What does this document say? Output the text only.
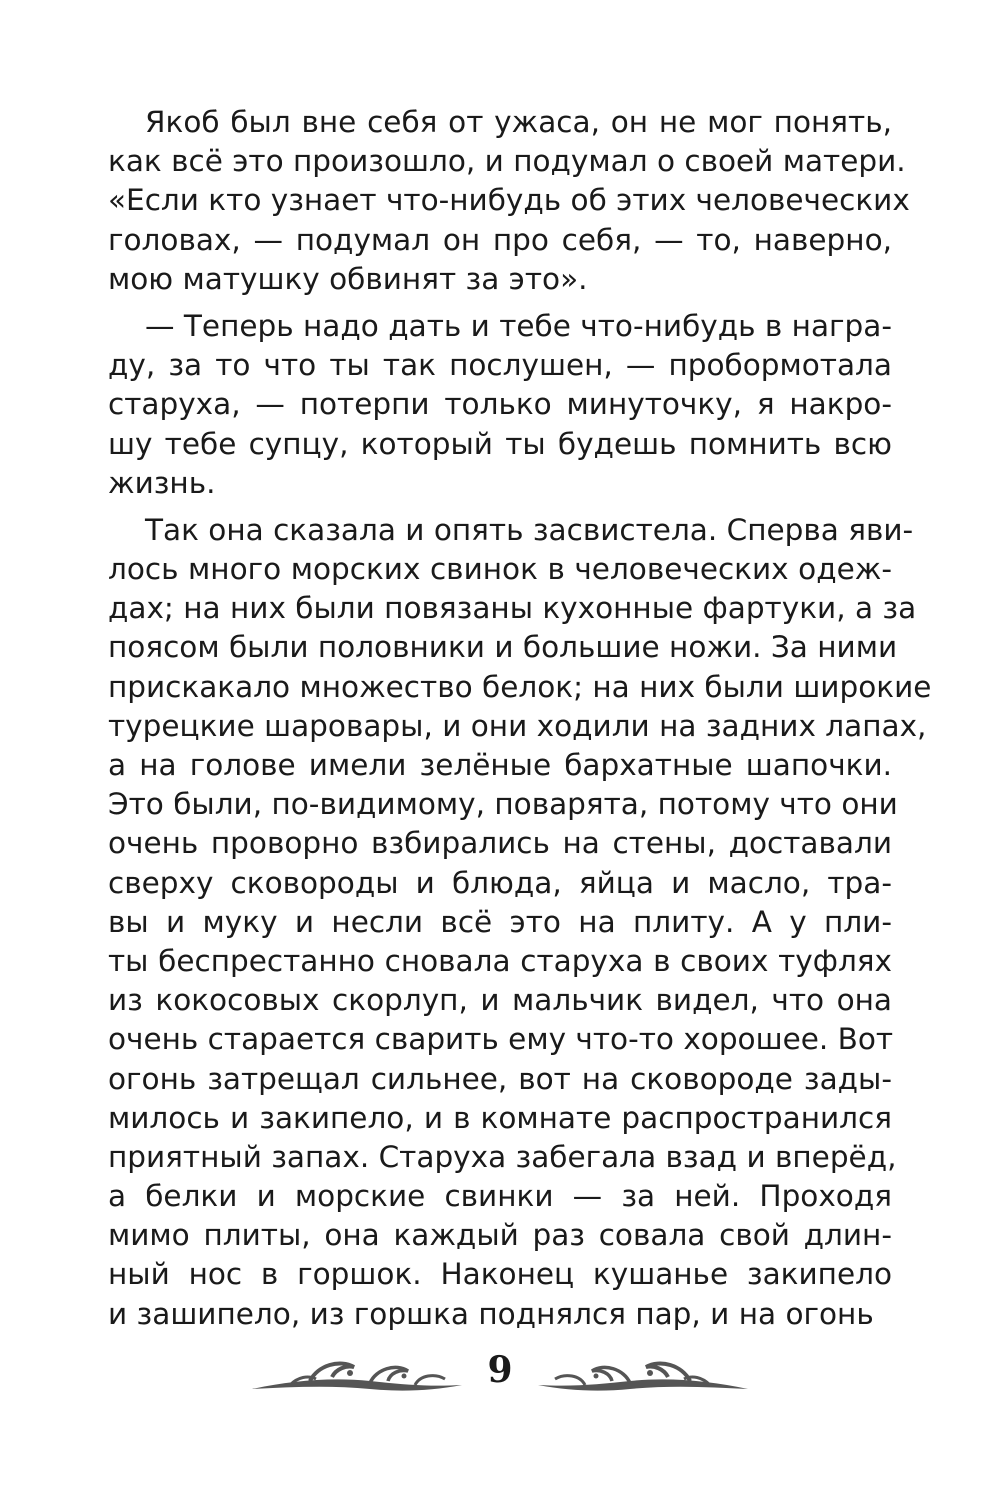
Якоб был вне себя от ужаса, он не мог понять,
как всё это произошло, и подумал о своей матери.
«Если кто узнает что-нибудь об этих человеческих
головах, — подумал он про себя, — то, наверно,
мою матушку обвинят за это».
— Теперь надо дать и тебе что-нибудь в награ-
ду, за то что ты так послушен, — пробормотала
старуха, — потерпи только минуточку, я накро-
шу тебе супцу, который ты будешь помнить всю
жизнь.
Так она сказала и опять засвистела. Сперва яви-
лось много морских свинок в человеческих одеж-
дах; на них были повязаны кухонные фартуки, а за
поясом были половники и большие ножи. За ними
прискакало множество белок; на них были широкие
турецкие шаровары, и они ходили на задних лапах,
а на голове имели зелёные бархатные шапочки.
Это были, по-видимому, поварята, потому что они
очень проворно взбирались на стены, доставали
сверху сковороды и блюда, яйца и масло, тра-
вы и муку и несли всё это на плиту. А у пли-
ты беспрестанно сновала старуха в своих туфлях
из кокосовых скорлуп, и мальчик видел, что она
очень старается сварить ему что-то хорошее. Вот
огонь затрещал сильнее, вот на сковороде зады-
милось и закипело, и в комнате распространился
приятный запах. Старуха забегала взад и вперёд,
а белки и морские свинки — за ней. Проходя
мимо плиты, она каждый раз совала свой длин-
ный нос в горшок. Наконец кушанье закипело
и зашипело, из горшка поднялся пар, и на огонь
9
